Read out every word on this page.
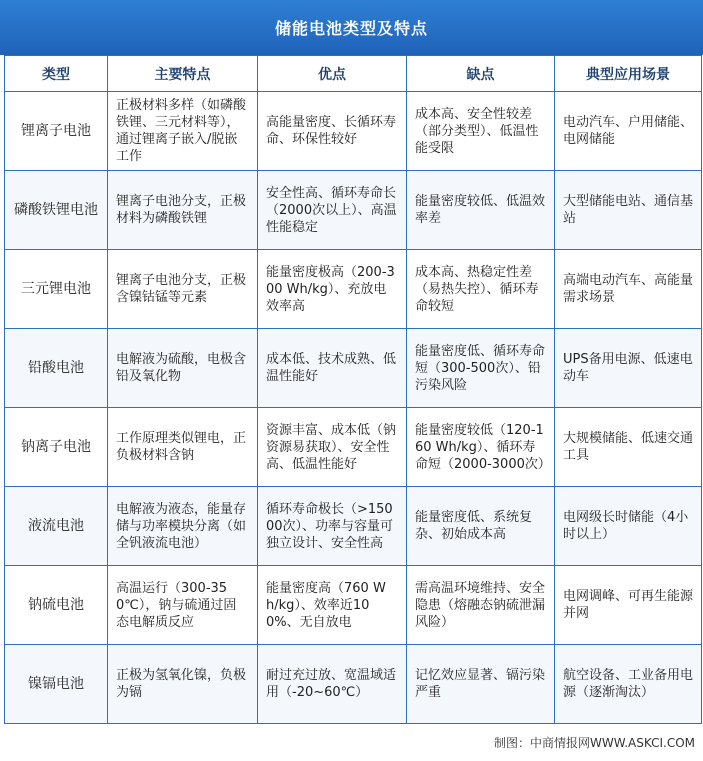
储能电池类型及特点
类型	主要特点	优点	缺点	典型应用场景
锂离子电池	正极材料多样（如磷酸铁锂、三元材料等），通过锂离子嵌入/脱嵌工作	高能量密度、长循环寿命、环保性较好	成本高、安全性较差（部分类型）、低温性能受限	电动汽车、户用储能、电网储能
磷酸铁锂电池	锂离子电池分支，正极材料为磷酸铁锂	安全性高、循环寿命长（2000次以上）、高温性能稳定	能量密度较低、低温效率差	大型储能电站、通信基站
三元锂电池	锂离子电池分支，正极含镍钴锰等元素	能量密度极高（200-300 Wh/kg）、充放电效率高	成本高、热稳定性差（易热失控）、循环寿命较短	高端电动汽车、高能量需求场景
铅酸电池	电解液为硫酸，电极含铅及氧化物	成本低、技术成熟、低温性能好	能量密度低、循环寿命短（300-500次）、铅污染风险	UPS备用电源、低速电动车
钠离子电池	工作原理类似锂电，正负极材料含钠	资源丰富、成本低（钠资源易获取）、安全性高、低温性能好	能量密度较低（120-160 Wh/kg）、循环寿命短（2000-3000次）	大规模储能、低速交通工具
液流电池	电解液为液态，能量存储与功率模块分离（如全钒液流电池）	循环寿命极长（>15000次）、功率与容量可独立设计、安全性高	能量密度低、系统复杂、初始成本高	电网级长时储能（4小时以上）
钠硫电池	高温运行（300-350℃），钠与硫通过固态电解质反应	能量密度高（760 Wh/kg）、效率近100%、无自放电	需高温环境维持、安全隐患（熔融态钠硫泄漏风险）	电网调峰、可再生能源并网
镍镉电池	正极为氢氧化镍，负极为镉	耐过充过放、宽温域适用（-20~60℃）	记忆效应显著、镉污染严重	航空设备、工业备用电源（逐渐淘汰）
制图：中商情报网WWW.ASKCI.COM
